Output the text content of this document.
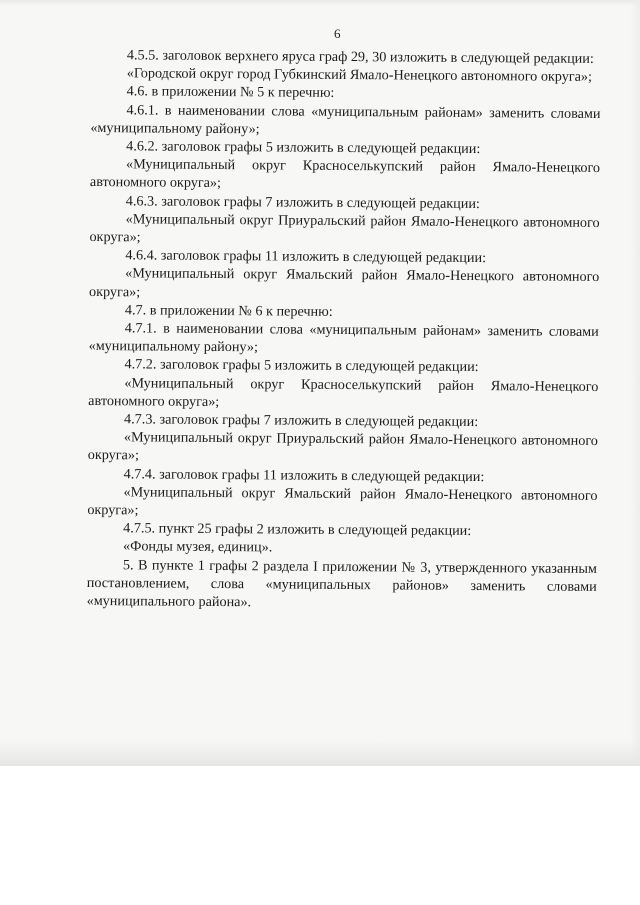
6

4.5.5. заголовок верхнего яруса граф 29, 30 изложить в следующей редакции:

«Городской округ город Губкинский Ямало-Ненецкого автономного округа»;

4.6. в приложении № 5 к перечню:

4.6.1. в наименовании слова «муниципальным районам» заменить словами «муниципальному району»;

4.6.2. заголовок графы 5 изложить в следующей редакции:

«Муниципальный округ Красноселькупский район Ямало-Ненецкого автономного округа»;

4.6.3. заголовок графы 7 изложить в следующей редакции:

«Муниципальный округ Приуральский район Ямало-Ненецкого автономного округа»;

4.6.4. заголовок графы 11 изложить в следующей редакции:

«Муниципальный округ Ямальский район Ямало-Ненецкого автономного округа»;

4.7. в приложении № 6 к перечню:

4.7.1. в наименовании слова «муниципальным районам» заменить словами «муниципальному району»;

4.7.2. заголовок графы 5 изложить в следующей редакции:

«Муниципальный округ Красноселькупский район Ямало-Ненецкого автономного округа»;

4.7.3. заголовок графы 7 изложить в следующей редакции:

«Муниципальный округ Приуральский район Ямало-Ненецкого автономного округа»;

4.7.4. заголовок графы 11 изложить в следующей редакции:

«Муниципальный округ Ямальский район Ямало-Ненецкого автономного округа»;

4.7.5. пункт 25 графы 2 изложить в следующей редакции:

«Фонды музея, единиц».

5. В пункте 1 графы 2 раздела I приложении № 3, утвержденного указанным постановлением, слова «муниципальных районов» заменить словами «муниципального района».
